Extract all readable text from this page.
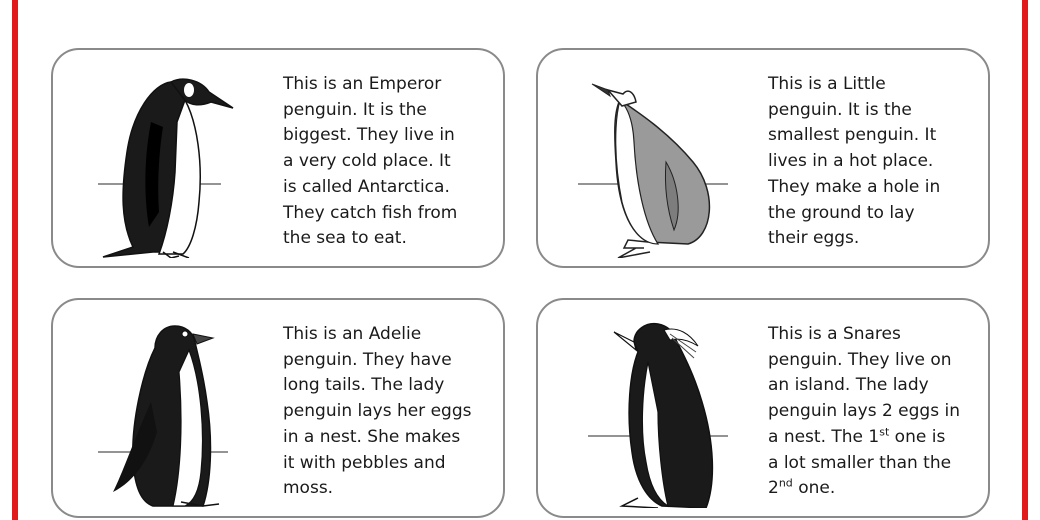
This is an Emperor
penguin. It is the
biggest. They live in
a very cold place. It
is called Antarctica.
They catch fish from
the sea to eat.
This is a Little
penguin. It is the
smallest penguin. It
lives in a hot place.
They make a hole in
the ground to lay
their eggs.
This is an Adelie
penguin. They have
long tails. The lady
penguin lays her eggs
in a nest. She makes
it with pebbles and
moss.
This is a Snares
penguin. They live on
an island. The lady
penguin lays 2 eggs in
a nest. The 1st one is
a lot smaller than the
2nd one.
